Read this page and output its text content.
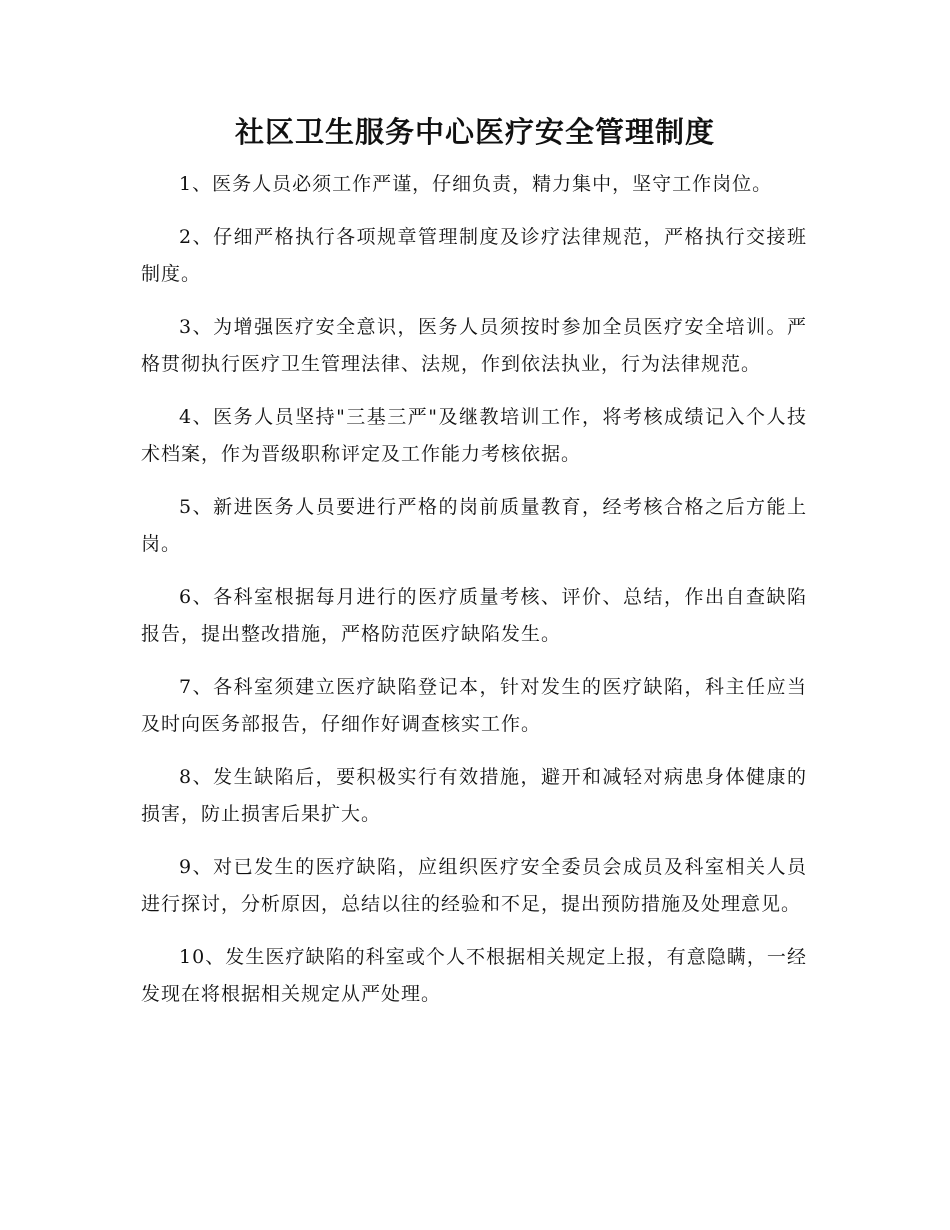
社区卫生服务中心医疗安全管理制度

1、医务人员必须工作严谨，仔细负责，精力集中，坚守工作岗位。

2、仔细严格执行各项规章管理制度及诊疗法律规范，严格执行交接班制度。

3、为增强医疗安全意识，医务人员须按时参加全员医疗安全培训。严格贯彻执行医疗卫生管理法律、法规，作到依法执业，行为法律规范。

4、医务人员坚持"三基三严"及继教培训工作，将考核成绩记入个人技术档案，作为晋级职称评定及工作能力考核依据。

5、新进医务人员要进行严格的岗前质量教育，经考核合格之后方能上岗。

6、各科室根据每月进行的医疗质量考核、评价、总结，作出自查缺陷报告，提出整改措施，严格防范医疗缺陷发生。

7、各科室须建立医疗缺陷登记本，针对发生的医疗缺陷，科主任应当及时向医务部报告，仔细作好调查核实工作。

8、发生缺陷后，要积极实行有效措施，避开和减轻对病患身体健康的损害，防止损害后果扩大。

9、对已发生的医疗缺陷，应组织医疗安全委员会成员及科室相关人员进行探讨，分析原因，总结以往的经验和不足，提出预防措施及处理意见。

10、发生医疗缺陷的科室或个人不根据相关规定上报，有意隐瞒，一经发现在将根据相关规定从严处理。
